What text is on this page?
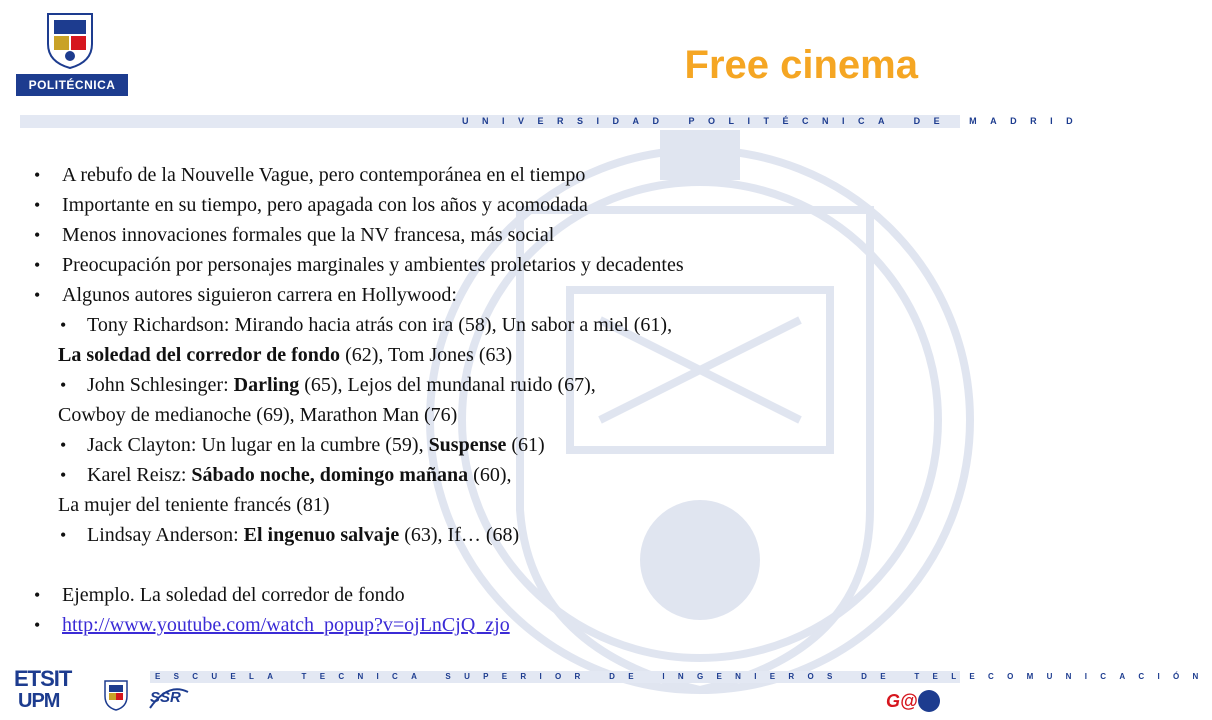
POLITÉCNICA	Free cinema
UNIVERSIDAD POLITÉCNICA DE MADRID
• A rebufo de la Nouvelle Vague, pero contemporánea en el tiempo
• Importante en su tiempo, pero apagada con los años y acomodada
• Menos innovaciones formales que la NV francesa, más social
• Preocupación por personajes marginales y ambientes proletarios y decadentes
• Algunos autores siguieron carrera en Hollywood:
• Tony Richardson: Mirando hacia atrás con ira (58), Un sabor a miel (61),
La soledad del corredor de fondo (62), Tom Jones (63)
• John Schlesinger: Darling (65), Lejos del mundanal ruido (67),
Cowboy de medianoche (69), Marathon Man (76)
• Jack Clayton: Un lugar en la cumbre (59), Suspense (61)
• Karel Reisz: Sábado noche, domingo mañana (60),
La mujer del teniente francés (81)
• Lindsay Anderson: El ingenuo salvaje (63), If… (68)
• Ejemplo. La soledad del corredor de fondo
• http://www.youtube.com/watch_popup?v=ojLnCjQ_zjo
ESCUELA TECNICA SUPERIOR DE INGENIEROS DE TELECOMUNICACIÓN
ETSIT
UPM	SSR	G@
